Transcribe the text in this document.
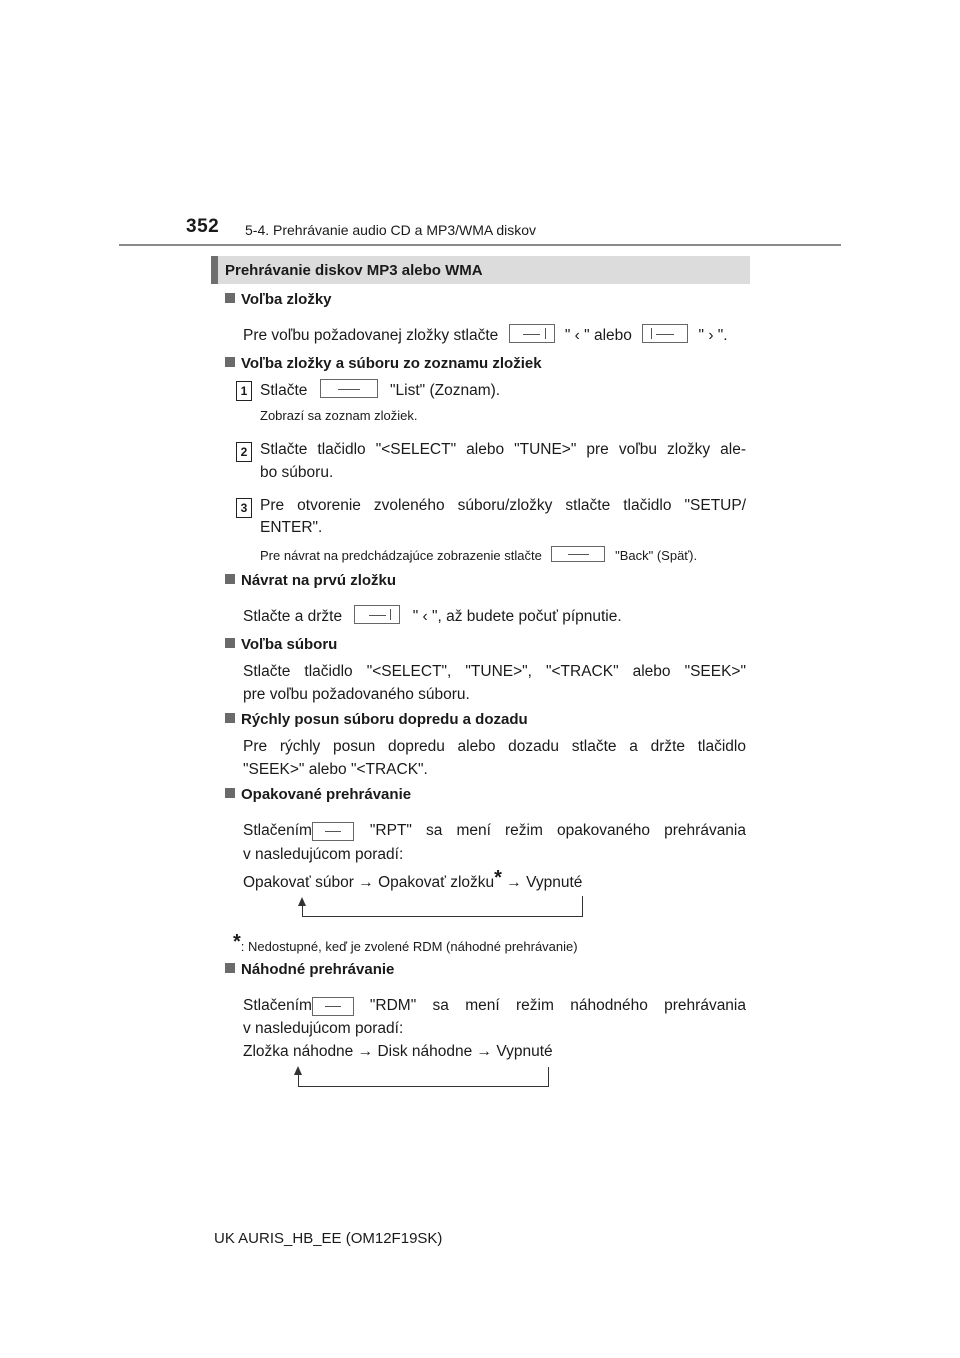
352 5-4. Prehrávanie audio CD a MP3/WMA diskov
Prehrávanie diskov MP3 alebo WMA
Voľba zložky
Pre voľbu požadovanej zložky stlačte	" ‹ " alebo	" › ".
Voľba zložky a súboru zo zoznamu zložiek
1 Stlačte	"List" (Zoznam).
Zobrazí sa zoznam zložiek.
2 Stlačte tlačidlo "<SELECT" alebo "TUNE>" pre voľbu zložky ale-
bo súboru.
3 Pre otvorenie zvoleného súboru/zložky stlačte tlačidlo "SETUP/
ENTER".
Pre návrat na predchádzajúce zobrazenie stlačte	"Back" (Späť).
Návrat na prvú zložku
Stlačte a držte	" ‹ ", až budete počuť pípnutie.
Voľba súboru
Stlačte tlačidlo "<SELECT", "TUNE>", "<TRACK" alebo "SEEK>"
pre voľbu požadovaného súboru.
Rýchly posun súboru dopredu a dozadu
Pre rýchly posun dopredu alebo dozadu stlačte a držte tlačidlo
"SEEK>" alebo "<TRACK".
Opakované prehrávanie
Stlačením	"RPT" sa mení režim opakovaného prehrávania
v nasledujúcom poradí:
Opakovať súbor → Opakovať zložku* → Vypnuté
*: Nedostupné, keď je zvolené RDM (náhodné prehrávanie)
Náhodné prehrávanie
Stlačením	"RDM" sa mení režim náhodného prehrávania
v nasledujúcom poradí:
Zložka náhodne → Disk náhodne → Vypnuté
UK AURIS_HB_EE (OM12F19SK)
